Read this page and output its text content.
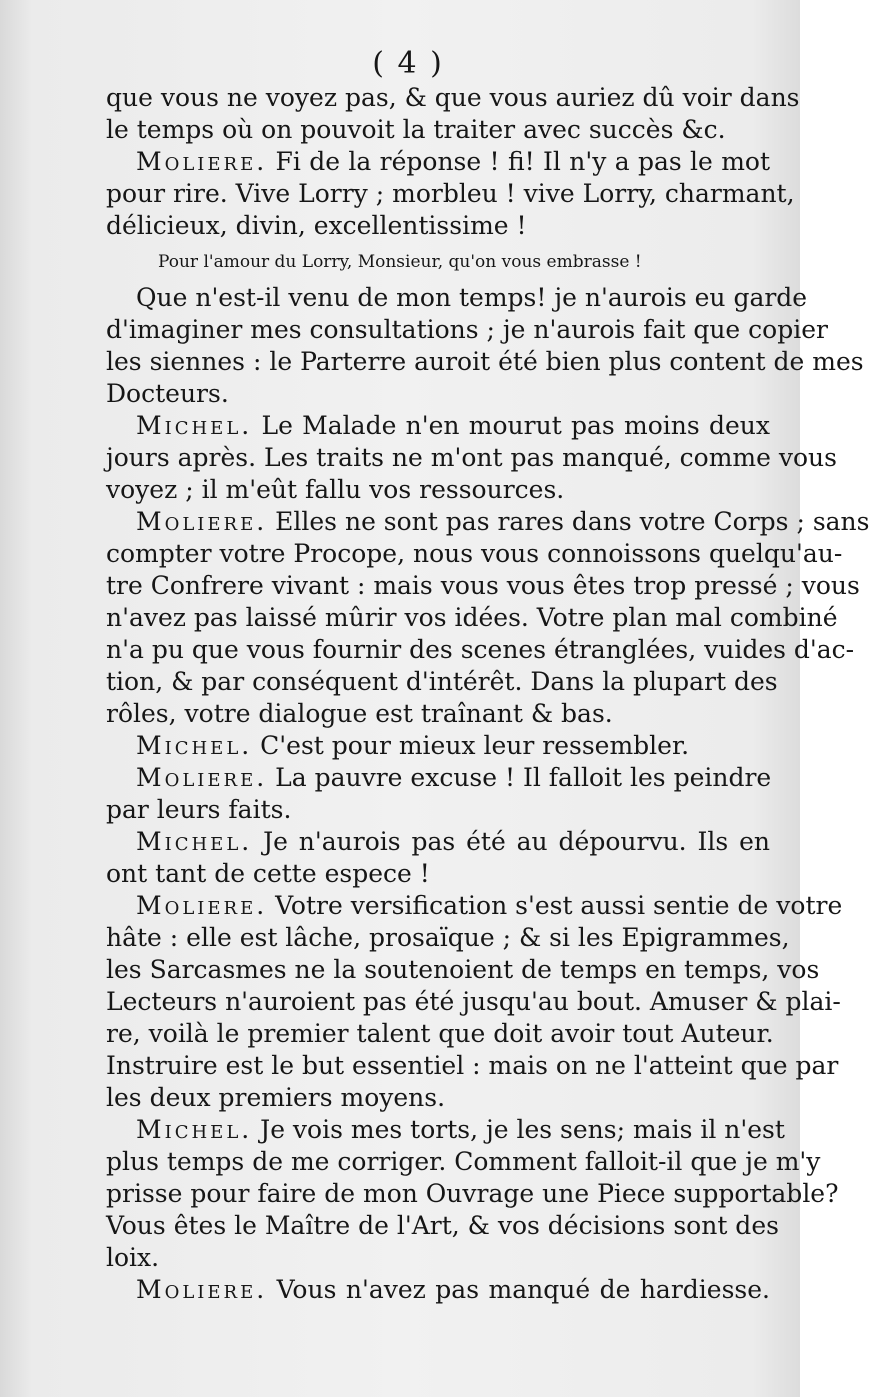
( 4 )
que vous ne voyez pas, & que vous auriez dû voir dans
le temps où on pouvoit la traiter avec succès &c.
Moliere. Fi de la réponse ! fi! Il n'y a pas le mot
pour rire. Vive Lorry ; morbleu ! vive Lorry, charmant,
délicieux, divin, excellentissime !
Pour l'amour du Lorry, Monsieur, qu'on vous embrasse !
Que n'est-il venu de mon temps! je n'aurois eu garde
d'imaginer mes consultations ; je n'aurois fait que copier
les siennes : le Parterre auroit été bien plus content de mes
Docteurs.
Michel. Le Malade n'en mourut pas moins deux
jours après. Les traits ne m'ont pas manqué, comme vous
voyez ; il m'eût fallu vos ressources.
Moliere. Elles ne sont pas rares dans votre Corps ; sans
compter votre Procope, nous vous connoissons quelqu'au-
tre Confrere vivant : mais vous vous êtes trop pressé ; vous
n'avez pas laissé mûrir vos idées. Votre plan mal combiné
n'a pu que vous fournir des scenes étranglées, vuides d'ac-
tion, & par conséquent d'intérêt. Dans la plupart des
rôles, votre dialogue est traînant & bas.
Michel. C'est pour mieux leur ressembler.
Moliere. La pauvre excuse ! Il falloit les peindre
par leurs faits.
Michel. Je n'aurois pas été au dépourvu. Ils en
ont tant de cette espece !
Moliere. Votre versification s'est aussi sentie de votre
hâte : elle est lâche, prosaïque ; & si les Epigrammes,
les Sarcasmes ne la soutenoient de temps en temps, vos
Lecteurs n'auroient pas été jusqu'au bout. Amuser & plai-
re, voilà le premier talent que doit avoir tout Auteur.
Instruire est le but essentiel : mais on ne l'atteint que par
les deux premiers moyens.
Michel. Je vois mes torts, je les sens; mais il n'est
plus temps de me corriger. Comment falloit-il que je m'y
prisse pour faire de mon Ouvrage une Piece supportable?
Vous êtes le Maître de l'Art, & vos décisions sont des
loix.
Moliere. Vous n'avez pas manqué de hardiesse.
